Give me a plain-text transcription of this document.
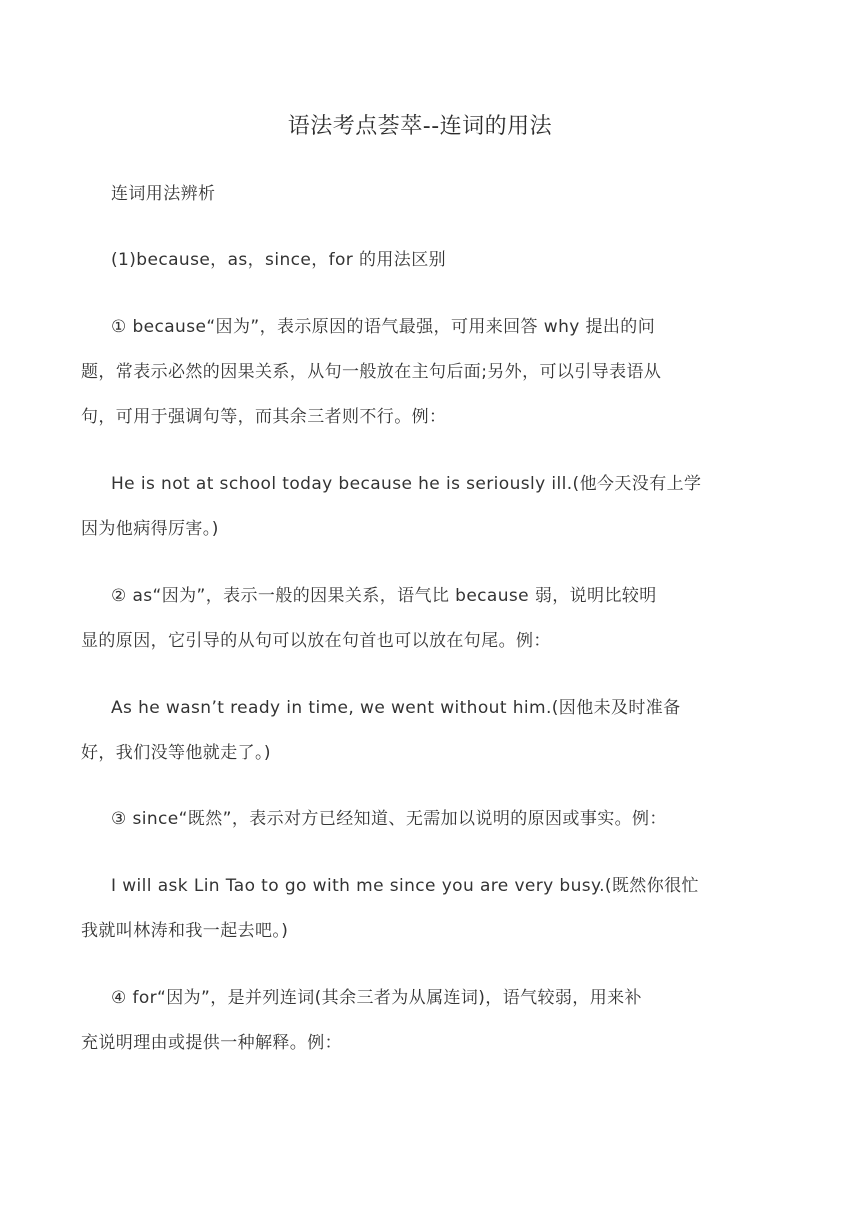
语法考点荟萃--连词的用法
连词用法辨析
(1)because，as，since，for 的用法区别
① because“因为”，表示原因的语气最强，可用来回答 why 提出的问
题，常表示必然的因果关系，从句一般放在主句后面;另外，可以引导表语从
句，可用于强调句等，而其余三者则不行。例：
He is not at school today because he is seriously ill.(他今天没有上学
因为他病得厉害。)
② as“因为”，表示一般的因果关系，语气比 because 弱，说明比较明
显的原因，它引导的从句可以放在句首也可以放在句尾。例：
As he wasn’t ready in time, we went without him.(因他未及时准备
好，我们没等他就走了。)
③ since“既然”，表示对方已经知道、无需加以说明的原因或事实。例：
I will ask Lin Tao to go with me since you are very busy.(既然你很忙
我就叫林涛和我一起去吧。)
④ for“因为”，是并列连词(其余三者为从属连词)，语气较弱，用来补
充说明理由或提供一种解释。例：
